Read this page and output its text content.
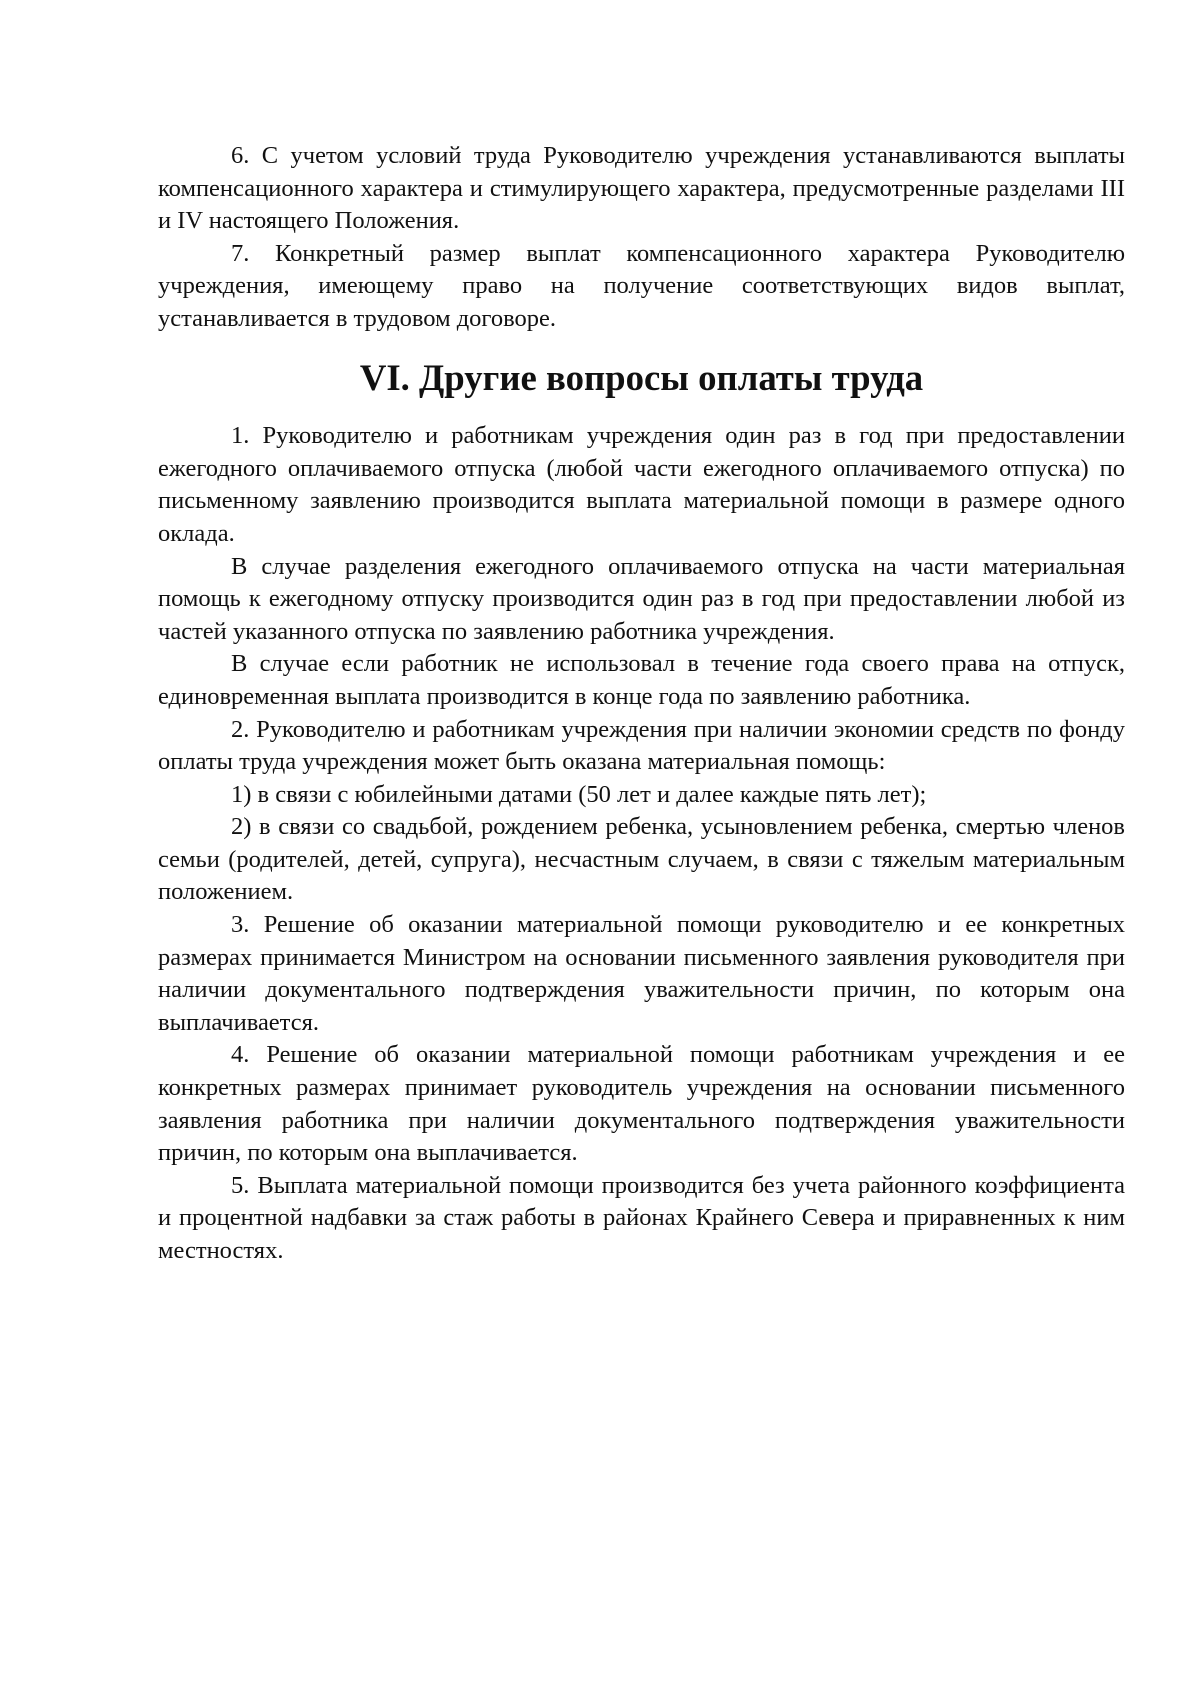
6. С учетом условий труда Руководителю учреждения устанавливаются выплаты компенсационного характера и стимулирующего характера, предусмотренные разделами III и IV настоящего Положения.

7. Конкретный размер выплат компенсационного характера Руководителю учреждения, имеющему право на получение соответствующих видов выплат, устанавливается в трудовом договоре.

VI. Другие вопросы оплаты труда

1. Руководителю и работникам учреждения один раз в год при предоставлении ежегодного оплачиваемого отпуска (любой части ежегодного оплачиваемого отпуска) по письменному заявлению производится выплата материальной помощи в размере одного оклада.

В случае разделения ежегодного оплачиваемого отпуска на части материальная помощь к ежегодному отпуску производится один раз в год при предоставлении любой из частей указанного отпуска по заявлению работника учреждения.

В случае если работник не использовал в течение года своего права на отпуск, единовременная выплата производится в конце года по заявлению работника.

2. Руководителю и работникам учреждения при наличии экономии средств по фонду оплаты труда учреждения может быть оказана материальная помощь:

1) в связи с юбилейными датами (50 лет и далее каждые пять лет);

2) в связи со свадьбой, рождением ребенка, усыновлением ребенка, смертью членов семьи (родителей, детей, супруга), несчастным случаем, в связи с тяжелым материальным положением.

3. Решение об оказании материальной помощи руководителю и ее конкретных размерах принимается Министром на основании письменного заявления руководителя при наличии документального подтверждения уважительности причин, по которым она выплачивается.

4. Решение об оказании материальной помощи работникам учреждения и ее конкретных размерах принимает руководитель учреждения на основании письменного заявления работника при наличии документального подтверждения уважительности причин, по которым она выплачивается.

5. Выплата материальной помощи производится без учета районного коэффициента и процентной надбавки за стаж работы в районах Крайнего Севера и приравненных к ним местностях.
